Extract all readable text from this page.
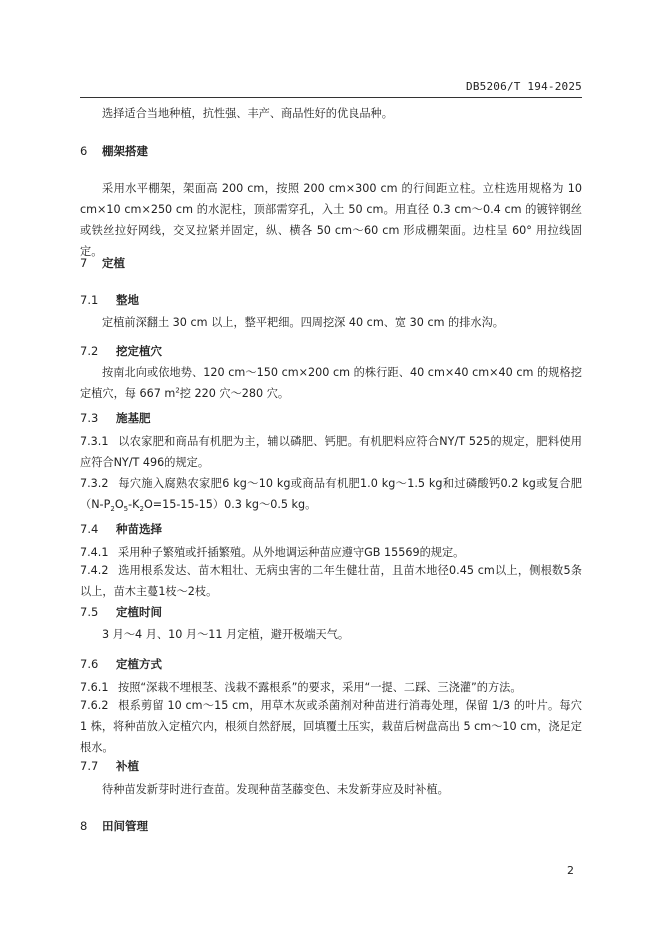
DB5206/T 194-2025

选择适合当地种植，抗性强、丰产、商品性好的优良品种。

6 棚架搭建

采用水平棚架，架面高 200 cm，按照 200 cm×300 cm 的行间距立柱。立柱选用规格为 10 cm×10 cm×250 cm 的水泥柱，顶部需穿孔，入土 50 cm。用直径 0.3 cm～0.4 cm 的镀锌钢丝或铁丝拉好网线，交叉拉紧并固定，纵、横各 50 cm～60 cm 形成棚架面。边柱呈 60° 用拉线固定。

7 定植
7.1 整地

定植前深翻土 30 cm 以上，整平耙细。四周挖深 40 cm、宽 30 cm 的排水沟。

7.2 挖定植穴

按南北向或依地势、120 cm～150 cm×200 cm 的株行距、40 cm×40 cm×40 cm 的规格挖定植穴，每 667 $m^2$挖 220 穴～280 穴。

7.3 施基肥

7.3.1 以农家肥和商品有机肥为主，辅以磷肥、钙肥。有机肥料应符合NY/T 525的规定，肥料使用应符合NY/T 496的规定。

7.3.2 每穴施入腐熟农家肥6 kg～10 kg或商品有机肥1.0 kg～1.5 kg和过磷酸钙0.2 kg或复合肥$(N-P_2O_5-K_2O=15-15-15)0.3$ kg～0.5 kg。

7.4 种苗选择

7.4.1 采用种子繁殖或扦插繁殖。从外地调运种苗应遵守GB 15569的规定。

7.4.2 选用根系发达、苗木粗壮、无病虫害的二年生健壮苗，且苗木地径0.45 cm以上，侧根数5条以上，苗木主蔓1枝～2枝。

7.5 定植时间

3 月～4 月、10 月～11 月定植，避开极端天气。

7.6 定植方式

7.6.1 按照“深栽不埋根茎、浅栽不露根系”的要求，采用“一提、二踩、三浇灌”的方法。

7.6.2 根系剪留 10 cm～15 cm，用草木灰或杀菌剂对种苗进行消毒处理，保留 1/3 的叶片。每穴 1 株，将种苗放入定植穴内，根须自然舒展，回填覆土压实，栽苗后树盘高出 5 cm～10 cm，浇足定根水。

7.7 补植

待种苗发新芽时进行查苗。发现种苗茎藤变色、未发新芽应及时补植。

8 田间管理
2
